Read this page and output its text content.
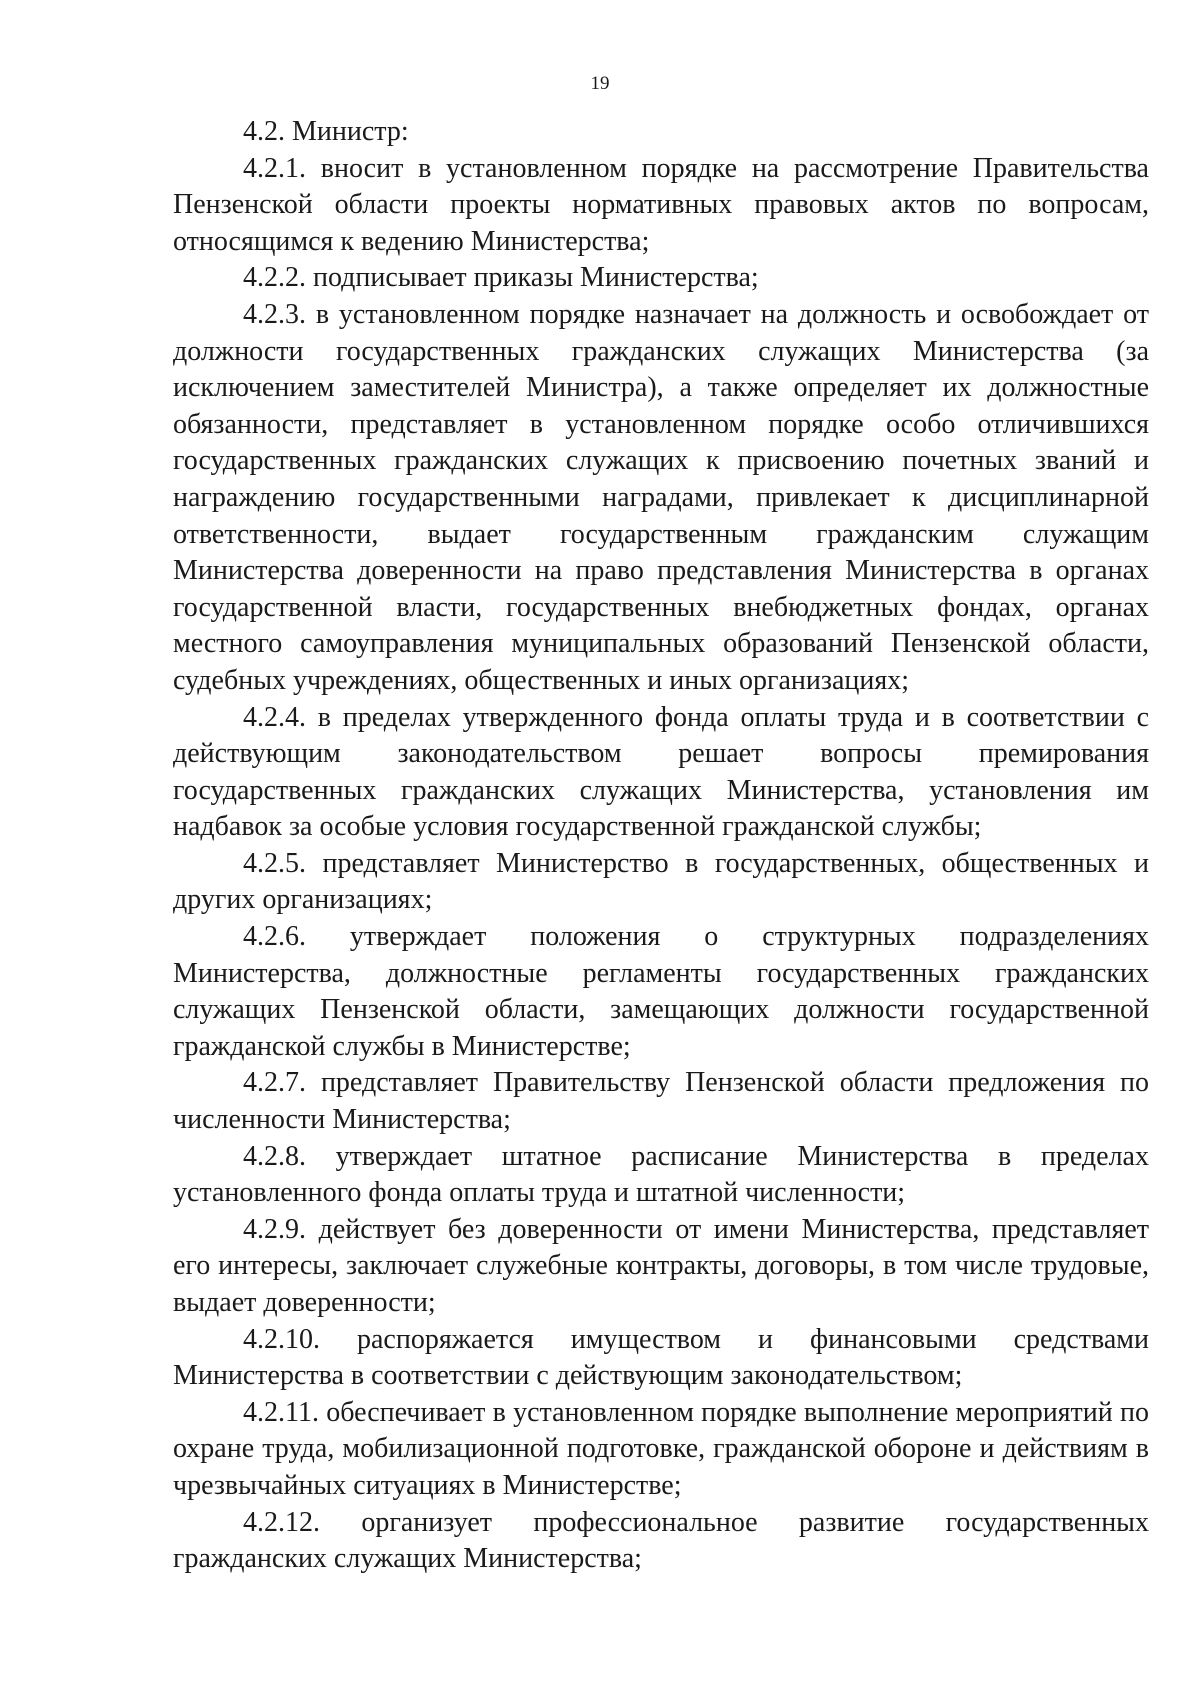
19

4.2. Министр:

4.2.1. вносит в установленном порядке на рассмотрение Правительства Пензенской области проекты нормативных правовых актов по вопросам, относящимся к ведению Министерства;

4.2.2. подписывает приказы Министерства;

4.2.3. в установленном порядке назначает на должность и освобождает от должности государственных гражданских служащих Министерства (за исключением заместителей Министра), а также определяет их должностные обязанности, представляет в установленном порядке особо отличившихся государственных гражданских служащих к присвоению почетных званий и награждению государственными наградами, привлекает к дисциплинарной ответственности, выдает государственным гражданским служащим Министерства доверенности на право представления Министерства в органах государственной власти, государственных внебюджетных фондах, органах местного самоуправления муниципальных образований Пензенской области, судебных учреждениях, общественных и иных организациях;

4.2.4. в пределах утвержденного фонда оплаты труда и в соответствии с действующим законодательством решает вопросы премирования государственных гражданских служащих Министерства, установления им надбавок за особые условия государственной гражданской службы;

4.2.5. представляет Министерство в государственных, общественных и других организациях;

4.2.6. утверждает положения о структурных подразделениях Министерства, должностные регламенты государственных гражданских служащих Пензенской области, замещающих должности государственной гражданской службы в Министерстве;

4.2.7. представляет Правительству Пензенской области предложения по численности Министерства;

4.2.8. утверждает штатное расписание Министерства в пределах установленного фонда оплаты труда и штатной численности;

4.2.9. действует без доверенности от имени Министерства, представляет его интересы, заключает служебные контракты, договоры, в том числе трудовые, выдает доверенности;

4.2.10. распоряжается имуществом и финансовыми средствами Министерства в соответствии с действующим законодательством;

4.2.11. обеспечивает в установленном порядке выполнение мероприятий по охране труда, мобилизационной подготовке, гражданской обороне и действиям в чрезвычайных ситуациях в Министерстве;

4.2.12. организует профессиональное развитие государственных гражданских служащих Министерства;
